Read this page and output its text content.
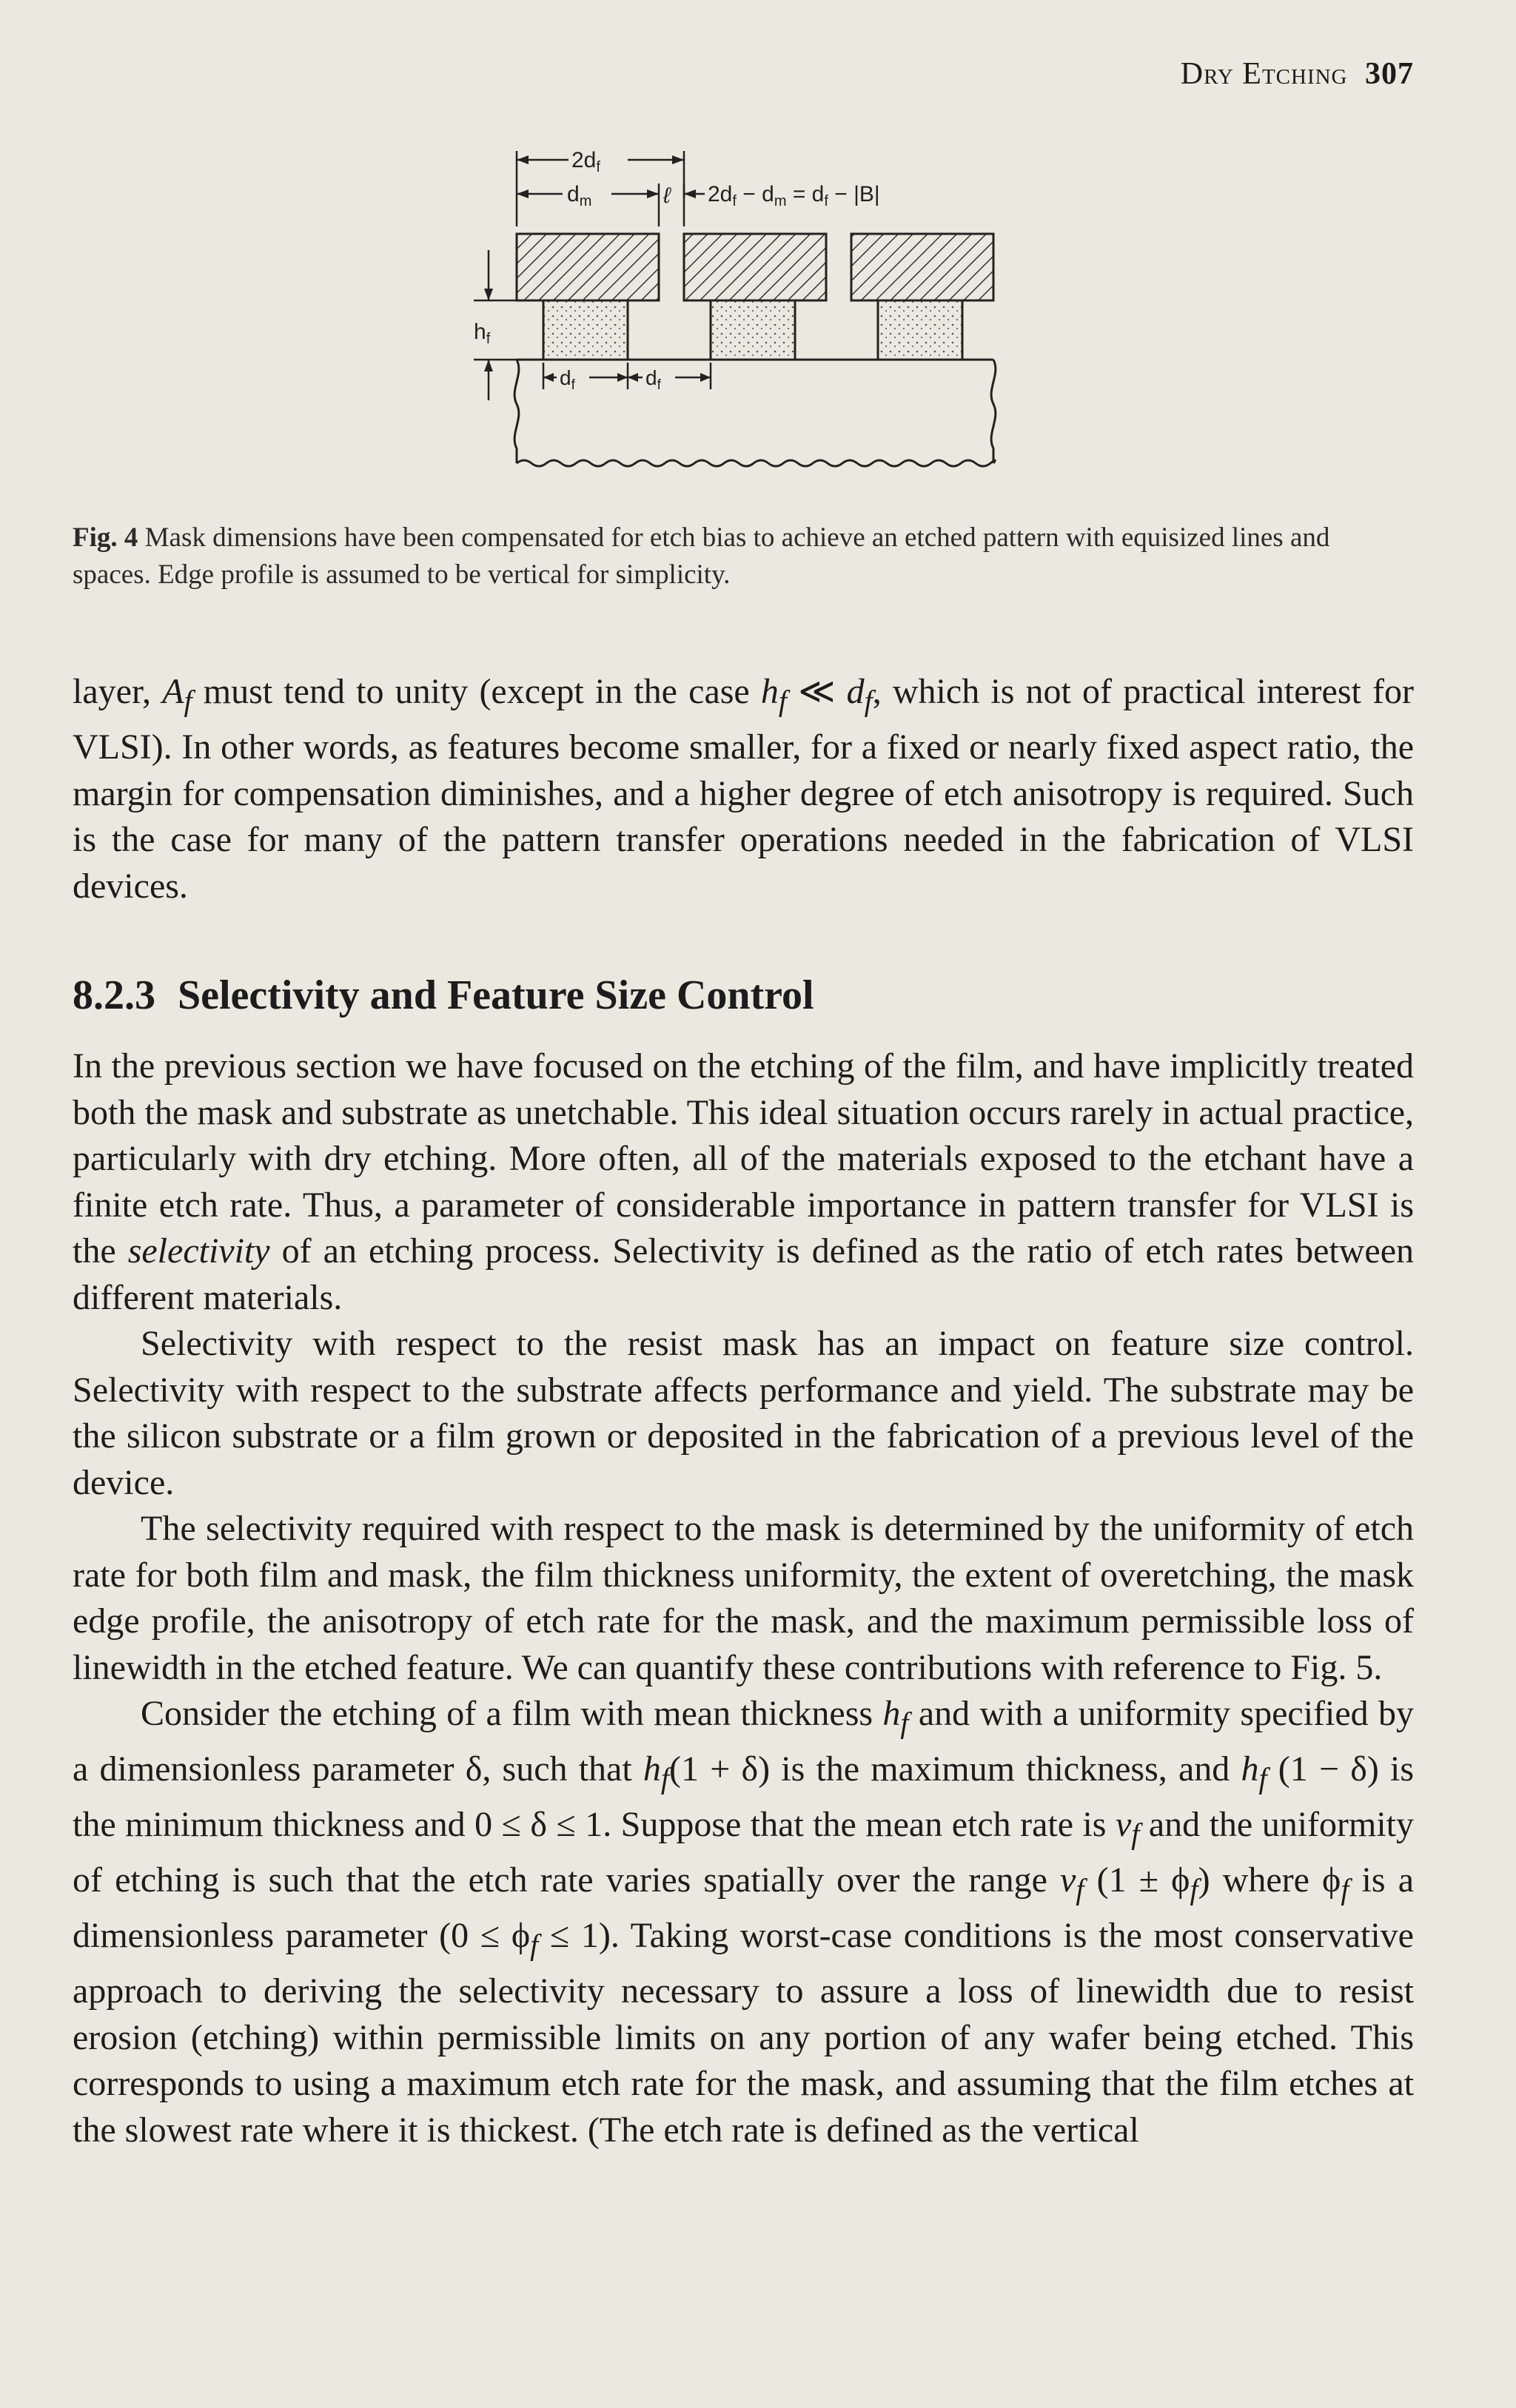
Dry Etching 307
$2d_f$
$d_m$	ℓ $2d_f - d_m = d_f - |B|$
$h_f$
$d_f$	$d_f$
Fig. 4 Mask dimensions have been compensated for etch bias to achieve an etched pattern with equisized lines and spaces. Edge profile is assumed to be vertical for simplicity.
layer, $A_f$ must tend to unity (except in the case $h_f$ ≪ $d_f$, which is not of practical interest for VLSI). In other words, as features become smaller, for a fixed or nearly fixed aspect ratio, the margin for compensation diminishes, and a higher degree of etch anisotropy is required. Such is the case for many of the pattern transfer operations needed in the fabrication of VLSI devices.
8.2.3 Selectivity and Feature Size Control

In the previous section we have focused on the etching of the film, and have implicitly treated both the mask and substrate as unetchable. This ideal situation occurs rarely in actual practice, particularly with dry etching. More often, all of the materials exposed to the etchant have a finite etch rate. Thus, a parameter of considerable importance in pattern transfer for VLSI is the selectivity of an etching process. Selectivity is defined as the ratio of etch rates between different materials.

Selectivity with respect to the resist mask has an impact on feature size control. Selectivity with respect to the substrate affects performance and yield. The substrate may be the silicon substrate or a film grown or deposited in the fabrication of a previous level of the device.

The selectivity required with respect to the mask is determined by the uniformity of etch rate for both film and mask, the film thickness uniformity, the extent of overetching, the mask edge profile, the anisotropy of etch rate for the mask, and the maximum permissible loss of linewidth in the etched feature. We can quantify these contributions with reference to Fig. 5.

Consider the etching of a film with mean thickness $h_f$ and with a uniformity specified by a dimensionless parameter δ, such that $h_f(1 + \delta)$ is the maximum thickness, and $h_f$ (1 − δ) is the minimum thickness and 0 ≤ δ ≤ 1. Suppose that the mean etch rate is $v_f$ and the uniformity of etching is such that the etch rate varies spatially over the range $v_f$ $(1 \pm \phi_f)$ where $\phi_f$ is a dimensionless parameter $(0 \le \phi_f \le 1)$. Taking worst-case conditions is the most conservative approach to deriving the selectivity necessary to assure a loss of linewidth due to resist erosion (etching) within permissible limits on any portion of any wafer being etched. This corresponds to using a maximum etch rate for the mask, and assuming that the film etches at the slowest rate where it is thickest. (The etch rate is defined as the vertical
